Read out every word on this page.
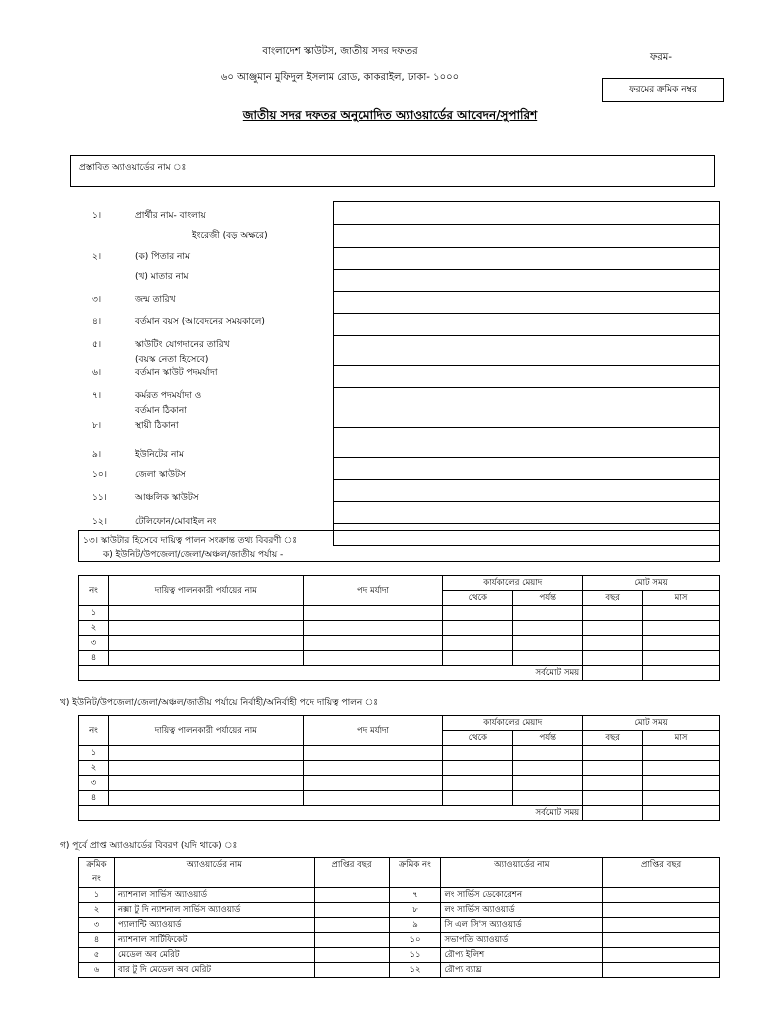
বাংলাদেশ স্কাউটস, জাতীয় সদর দফতর
৬০ আঞ্জুমান মুফিদুল ইসলাম রোড, কাকরাইল, ঢাকা- ১০০০
ফরম-
ফরমের ক্রমিক নম্বর
জাতীয় সদর দফতর অনুমোদিত অ্যাওয়ার্ডের আবেদন/সুপারিশ
প্রস্তাবিত অ্যাওয়ার্ডের নাম ঃ
১।	প্রার্থীর নাম- বাংলায়
ইংরেজী (বড় অক্ষরে)
২।	(ক) পিতার নাম
(খ) মাতার নাম
৩।	জন্ম তারিখ
৪।	বর্তমান বয়স (আবেদনের সময়কালে)
৫।	স্কাউটিং যোগদানের তারিখ
(বয়স্ক নেতা হিসেবে)
৬।	বর্তমান স্কাউট পদমর্যাদা
৭।	কর্মরত পদমর্যাদা ও
বর্তমান ঠিকানা
৮।	স্থায়ী ঠিকানা
৯।	ইউনিটের নাম
১০।	জেলা স্কাউটস
১১।	আঞ্চলিক স্কাউটস
১২।	টেলিফোন/মোবাইল নং
১৩। স্কাউটার হিসেবে দায়িত্ব পালন সংক্রান্ত তথ্য বিবরণী ঃ
ক) ইউনিট/উপজেলা/জেলা/অঞ্চল/জাতীয় পর্যায় -
নং	দায়িত্ব পালনকারী পর্যায়ের নাম	পদ মর্যাদা	কার্যকালের মেয়াদ		মোট সময়	
			থেকে	পর্যন্ত	বছর	মাস
১						
২						
৩						
৪						
সর্বমোট সময়						
খ) ইউনিট/উপজেলা/জেলা/অঞ্চল/জাতীয় পর্যায়ে নির্বাহী/অনির্বাহী পদে দায়িত্ব পালন ঃ
নং	দায়িত্ব পালনকারী পর্যায়ের নাম	পদ মর্যাদা	কার্যকালের মেয়াদ		মোট সময়	
			থেকে	পর্যন্ত	বছর	মাস
১						
২						
৩						
৪						
সর্বমোট সময়						
গ) পূর্বে প্রাপ্ত অ্যাওয়ার্ডের বিবরণ (যদি থাকে) ঃ
ক্রমিক নং	অ্যাওয়ার্ডের নাম	প্রাপ্তির বছর	ক্রমিক নং	অ্যাওয়ার্ডের নাম	প্রাপ্তির বছর
১	ন্যাশনাল সার্ভিস অ্যাওয়ার্ড		৭	লং সার্ভিস ডেকোরেশন	
২	নক্সা টু দি ন্যাশনাল সার্ভিস অ্যাওয়ার্ড		৮	লং সার্ভিস অ্যাওয়ার্ড	
৩	প্যালান্টি অ্যাওয়ার্ড		৯	সি এল সি'স অ্যাওয়ার্ড	
৪	ন্যাশনাল সার্টিফিকেট		১০	সভাপতি অ্যাওয়ার্ড	
৫	মেডেল অব মেরিট		১১	রৌপ্য ইলিশ	
৬	বার টু দি মেডেল অব মেরিট		১২	রৌপ্য ব্যাঘ্র	
